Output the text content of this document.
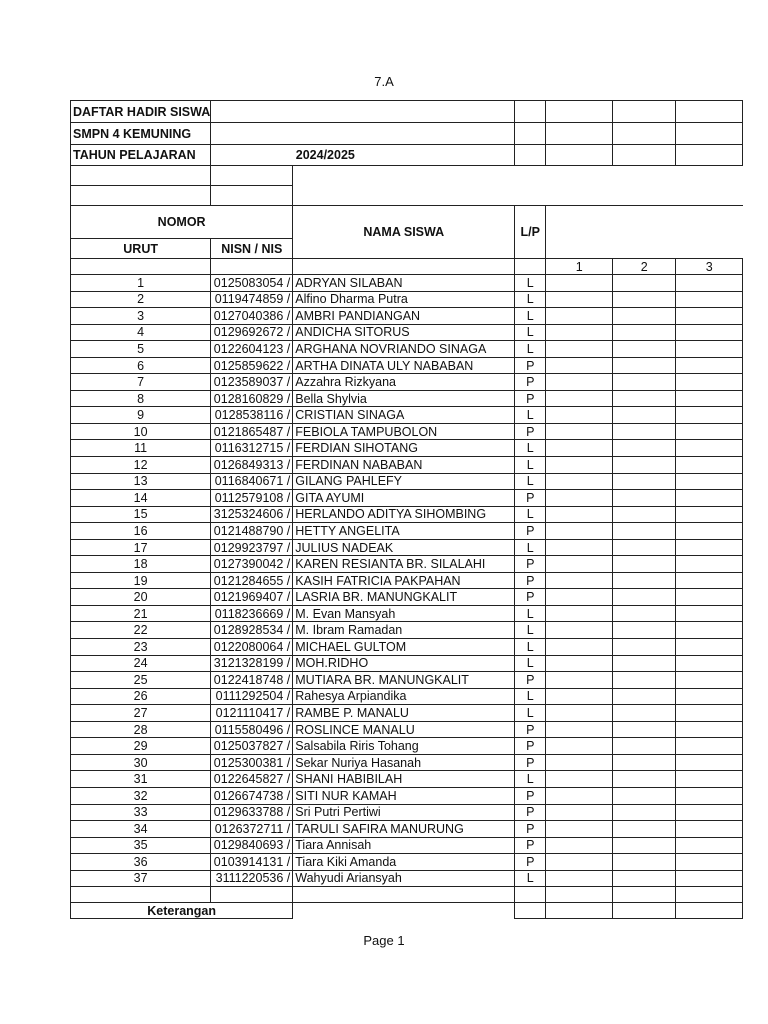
7.A
DAFTAR HADIR SISWA						
SMPN 4 KEMUNING						
TAHUN PELAJARAN		2024/2025				

NOMOR		NAMA SISWA	L/P			
URUT	NISN / NIS					
				1	2	3
1	0125083054 /	ADRYAN SILABAN	L			
2	0119474859 /	Alfino Dharma Putra	L			
3	0127040386 /	AMBRI PANDIANGAN	L			
4	0129692672 /	ANDICHA SITORUS	L			
5	0122604123 /	ARGHANA NOVRIANDO SINAGA	L			
6	0125859622 /	ARTHA DINATA ULY NABABAN	P			
7	0123589037 /	Azzahra Rizkyana	P			
8	0128160829 /	Bella Shylvia	P			
9	0128538116 /	CRISTIAN SINAGA	L			
10	0121865487 /	FEBIOLA TAMPUBOLON	P			
11	0116312715 /	FERDIAN SIHOTANG	L			
12	0126849313 /	FERDINAN NABABAN	L			
13	0116840671 /	GILANG PAHLEFY	L			
14	0112579108 /	GITA AYUMI	P			
15	3125324606 /	HERLANDO ADITYA SIHOMBING	L			
16	0121488790 /	HETTY ANGELITA	P			
17	0129923797 /	JULIUS NADEAK	L			
18	0127390042 /	KAREN RESIANTA BR. SILALAHI	P			
19	0121284655 /	KASIH FATRICIA PAKPAHAN	P			
20	0121969407 /	LASRIA BR. MANUNGKALIT	P			
21	0118236669 /	M. Evan Mansyah	L			
22	0128928534 /	M. Ibram Ramadan	L			
23	0122080064 /	MICHAEL GULTOM	L			
24	3121328199 /	MOH.RIDHO	L			
25	0122418748 /	MUTIARA BR. MANUNGKALIT	P			
26	0111292504 /	Rahesya Arpiandika	L			
27	0121110417 /	RAMBE P. MANALU	L			
28	0115580496 /	ROSLINCE MANALU	P			
29	0125037827 /	Salsabila Riris Tohang	P			
30	0125300381 /	Sekar Nuriya Hasanah	P			
31	0122645827 /	SHANI HABIBILAH	L			
32	0126674738 /	SITI NUR KAMAH	P			
33	0129633788 /	Sri Putri Pertiwi	P			
34	0126372711 /	TARULI SAFIRA MANURUNG	P			
35	0129840693 /	Tiara Annisah	P			
36	0103914131 /	Tiara Kiki Amanda	P			
37	3111220536 /	Wahyudi Ariansyah	L			

Keterangan						
Page 1
